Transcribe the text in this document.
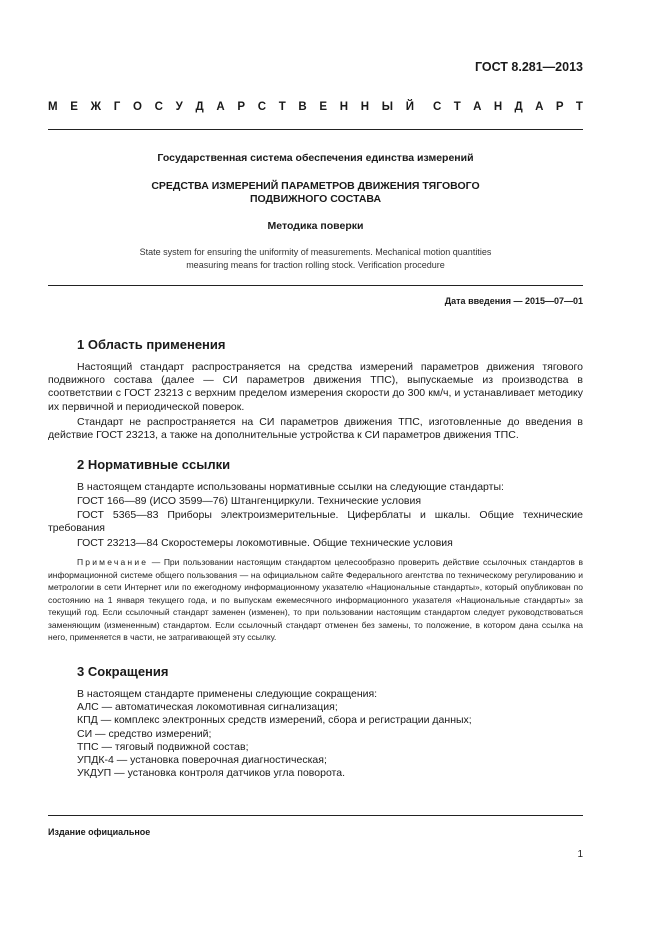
ГОСТ 8.281—2013
М Е Ж Г О С У Д А Р С Т В Е Н Н Ы Й С Т А Н Д А Р Т
Государственная система обеспечения единства измерений
СРЕДСТВА ИЗМЕРЕНИЙ ПАРАМЕТРОВ ДВИЖЕНИЯ ТЯГОВОГО
ПОДВИЖНОГО СОСТАВА
Методика поверки
State system for ensuring the uniformity of measurements. Mechanical motion quantities
measuring means for traction rolling stock. Verification procedure
Дата введения — 2015—07—01
1 Область применения
Настоящий стандарт распространяется на средства измерений параметров движения тягового подвижного состава (далее — СИ параметров движения ТПС), выпускаемые из производства в соответствии с ГОСТ 23213 с верхним пределом измерения скорости до 300 км/ч, и устанавливает методику их первичной и периодической поверок.
Стандарт не распространяется на СИ параметров движения ТПС, изготовленные до введения в действие ГОСТ 23213, а также на дополнительные устройства к СИ параметров движения ТПС.
2 Нормативные ссылки
В настоящем стандарте использованы нормативные ссылки на следующие стандарты:
ГОСТ 166—89 (ИСО 3599—76) Штангенциркули. Технические условия
ГОСТ 5365—83 Приборы электроизмерительные. Циферблаты и шкалы. Общие технические требования
ГОСТ 23213—84 Скоростемеры локомотивные. Общие технические условия
Примечание — При пользовании настоящим стандартом целесообразно проверить действие ссылочных стандартов в информационной системе общего пользования — на официальном сайте Федерального агентства по техническому регулированию и метрологии в сети Интернет или по ежегодному информационному указателю «Национальные стандарты», который опубликован по состоянию на 1 января текущего года, и по выпускам ежемесячного информационного указателя «Национальные стандарты» за текущий год. Если ссылочный стандарт заменен (изменен), то при пользовании настоящим стандартом следует руководствоваться заменяющим (измененным) стандартом. Если ссылочный стандарт отменен без замены, то положение, в котором дана ссылка на него, применяется в части, не затрагивающей эту ссылку.
3 Сокращения
В настоящем стандарте применены следующие сокращения:
АЛС — автоматическая локомотивная сигнализация;
КПД — комплекс электронных средств измерений, сбора и регистрации данных;
СИ — средство измерений;
ТПС — тяговый подвижной состав;
УПДК-4 — установка поверочная диагностическая;
УКДУП — установка контроля датчиков угла поворота.
Издание официальное
1
